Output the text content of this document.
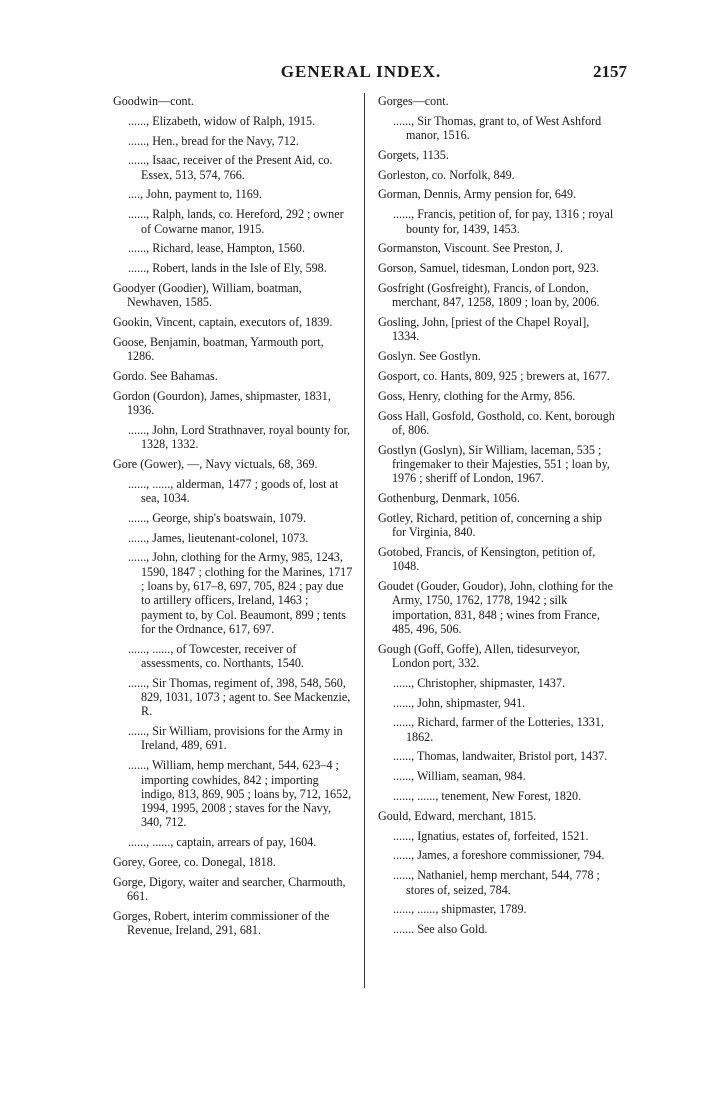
GENERAL INDEX.	2157

Goodwin—cont.

......, Elizabeth, widow of Ralph, 1915.

......, Hen., bread for the Navy, 712.

......, Isaac, receiver of the Present Aid, co. Essex, 513, 574, 766.

...., John, payment to, 1169.

......, Ralph, lands, co. Hereford, 292 ; owner of Cowarne manor, 1915.

......, Richard, lease, Hampton, 1560.

......, Robert, lands in the Isle of Ely, 598.

Goodyer (Goodier), William, boatman, Newhaven, 1585.

Gookin, Vincent, captain, executors of, 1839.

Goose, Benjamin, boatman, Yarmouth port, 1286.

Gordo. See Bahamas.

Gordon (Gourdon), James, shipmaster, 1831, 1936.

......, John, Lord Strathnaver, royal bounty for, 1328, 1332.

Gore (Gower), —, Navy victuals, 68, 369.

......, ......, alderman, 1477 ; goods of, lost at sea, 1034.

......, George, ship's boatswain, 1079.

......, James, lieutenant-colonel, 1073.

......, John, clothing for the Army, 985, 1243, 1590, 1847 ; clothing for the Marines, 1717 ; loans by, 617–8, 697, 705, 824 ; pay due to artillery officers, Ireland, 1463 ; payment to, by Col. Beaumont, 899 ; tents for the Ordnance, 617, 697.

......, ......, of Towcester, receiver of assessments, co. Northants, 1540.

......, Sir Thomas, regiment of, 398, 548, 560, 829, 1031, 1073 ; agent to. See Mackenzie, R.

......, Sir William, provisions for the Army in Ireland, 489, 691.

......, William, hemp merchant, 544, 623–4 ; importing cowhides, 842 ; importing indigo, 813, 869, 905 ; loans by, 712, 1652, 1994, 1995, 2008 ; staves for the Navy, 340, 712.

......, ......, captain, arrears of pay, 1604.

Gorey, Goree, co. Donegal, 1818.

Gorge, Digory, waiter and searcher, Charmouth, 661.

Gorges, Robert, interim commissioner of the Revenue, Ireland, 291, 681.

Gorges—cont.

......, Sir Thomas, grant to, of West Ashford manor, 1516.

Gorgets, 1135.

Gorleston, co. Norfolk, 849.

Gorman, Dennis, Army pension for, 649.

......, Francis, petition of, for pay, 1316 ; royal bounty for, 1439, 1453.

Gormanston, Viscount. See Preston, J.

Gorson, Samuel, tidesman, London port, 923.

Gosfright (Gosfreight), Francis, of London, merchant, 847, 1258, 1809 ; loan by, 2006.

Gosling, John, [priest of the Chapel Royal], 1334.

Goslyn. See Gostlyn.

Gosport, co. Hants, 809, 925 ; brewers at, 1677.

Goss, Henry, clothing for the Army, 856.

Goss Hall, Gosfold, Gosthold, co. Kent, borough of, 806.

Gostlyn (Goslyn), Sir William, laceman, 535 ; fringemaker to their Majesties, 551 ; loan by, 1976 ; sheriff of London, 1967.

Gothenburg, Denmark, 1056.

Gotley, Richard, petition of, concerning a ship for Virginia, 840.

Gotobed, Francis, of Kensington, petition of, 1048.

Goudet (Gouder, Goudor), John, clothing for the Army, 1750, 1762, 1778, 1942 ; silk importation, 831, 848 ; wines from France, 485, 496, 506.

Gough (Goff, Goffe), Allen, tidesurveyor, London port, 332.

......, Christopher, shipmaster, 1437.

......, John, shipmaster, 941.

......, Richard, farmer of the Lotteries, 1331, 1862.

......, Thomas, landwaiter, Bristol port, 1437.

......, William, seaman, 984.

......, ......, tenement, New Forest, 1820.

Gould, Edward, merchant, 1815.

......, Ignatius, estates of, forfeited, 1521.

......, James, a foreshore commissioner, 794.

......, Nathaniel, hemp merchant, 544, 778 ; stores of, seized, 784.

......, ......, shipmaster, 1789.

....... See also Gold.
